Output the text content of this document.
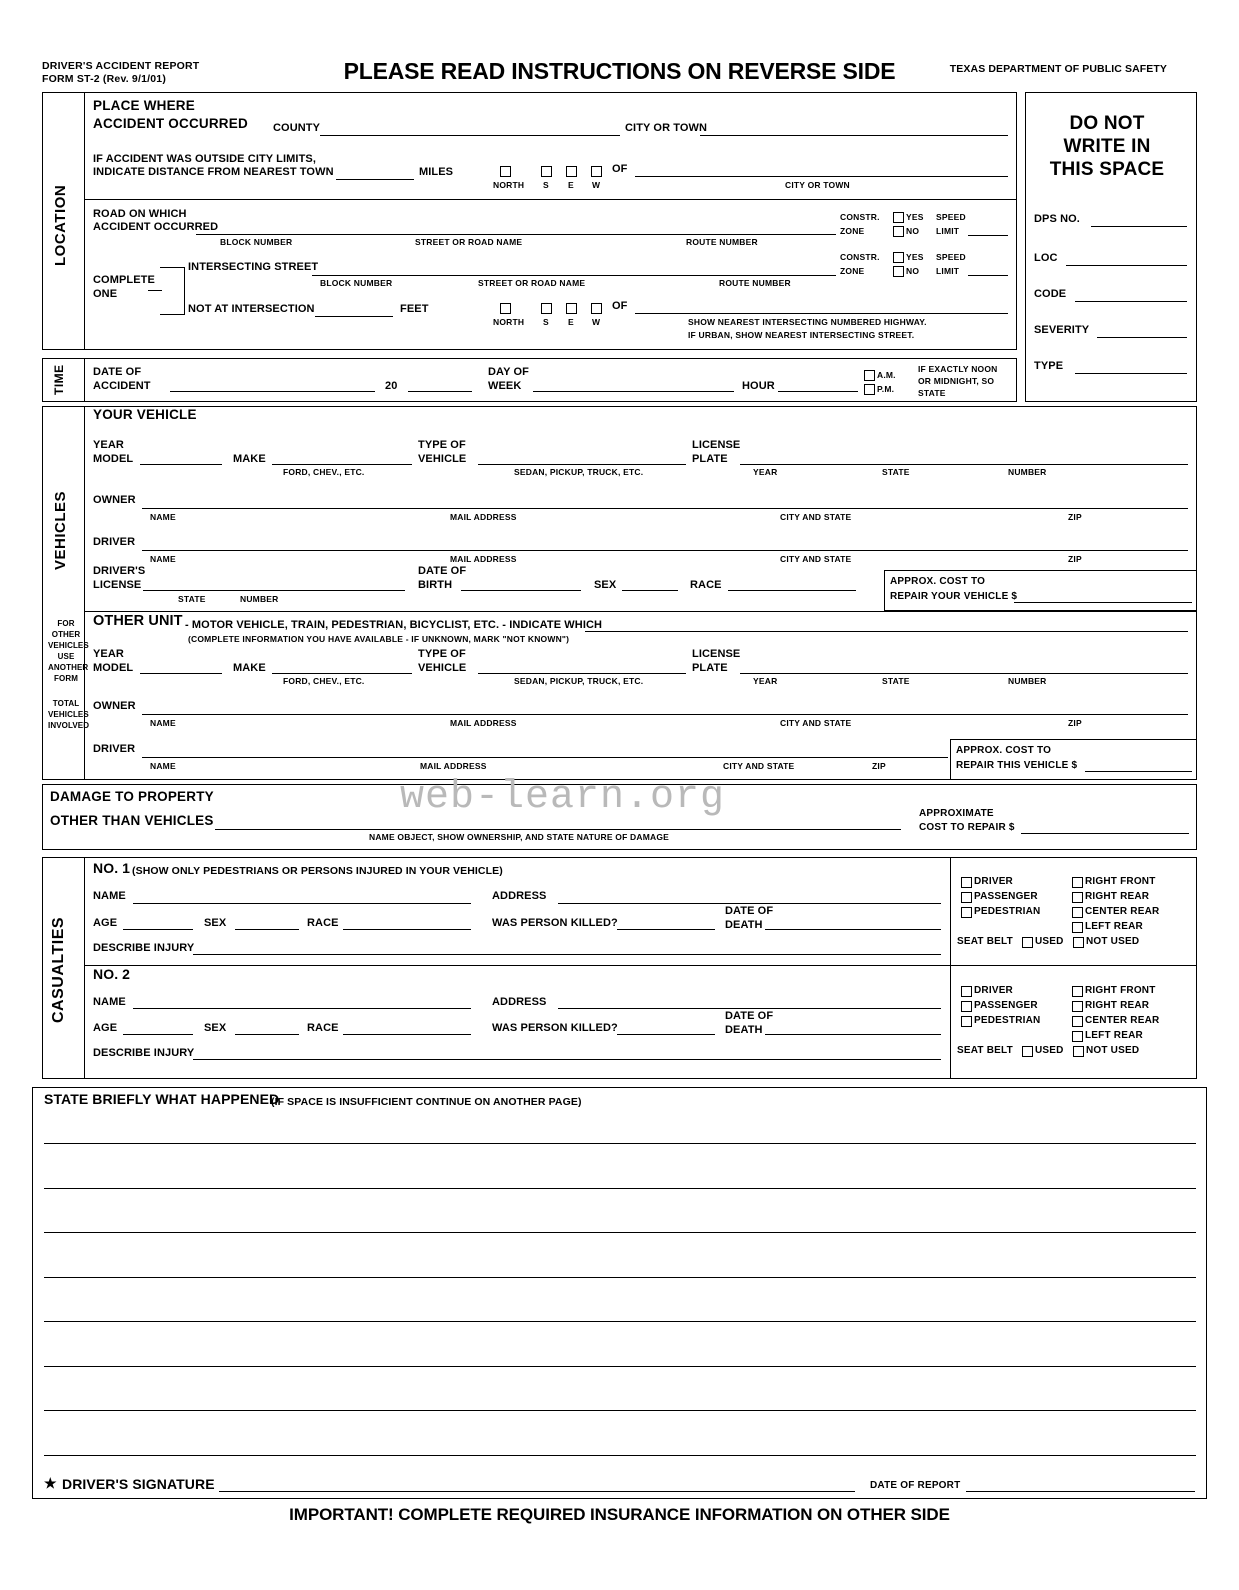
DRIVER'S ACCIDENT REPORT
FORM ST-2 (Rev. 9/1/01)	PLEASE READ INSTRUCTIONS ON REVERSE SIDE	TEXAS DEPARTMENT OF PUBLIC SAFETY
LOCATION
PLACE WHERE
ACCIDENT OCCURRED COUNTY	CITY OR TOWN
IF ACCIDENT WAS OUTSIDE CITY LIMITS,
INDICATE DISTANCE FROM NEAREST TOWN	MILES
NORTH S E W
OF
CITY OR TOWN
ROAD ON WHICH
ACCIDENT OCCURRED
BLOCK NUMBER	STREET OR ROAD NAME	ROUTE NUMBER
CONSTR.
ZONE
YES
NO
SPEED
LIMIT
COMPLETE
ONE
INTERSECTING STREET
BLOCK NUMBER	STREET OR ROAD NAME	ROUTE NUMBER
CONSTR.
ZONE
YES
NO
SPEED
LIMIT
NOT AT INTERSECTION	FEET
NORTH S E W
OF
SHOW NEAREST INTERSECTING NUMBERED HIGHWAY.
IF URBAN, SHOW NEAREST INTERSECTING STREET.
TIME	DATE OF
ACCIDENT	20
DAY OF
WEEK	HOUR
A.M.
P.M.
IF EXACTLY NOON
OR MIDNIGHT, SO
STATE
DO NOT
WRITE IN
THIS SPACE
DPS NO.
LOC
CODE
SEVERITY
TYPE
VEHICLES
YOUR VEHICLE
YEAR
MODEL	MAKE
FORD, CHEV., ETC.
TYPE OF
VEHICLE
SEDAN, PICKUP, TRUCK, ETC.
LICENSE
PLATE
YEAR	STATE	NUMBER
OWNER
NAME	MAIL ADDRESS	CITY AND STATE	ZIP
DRIVER
NAME	MAIL ADDRESS	CITY AND STATE	ZIP
DRIVER'S
LICENSE
STATE	NUMBER
DATE OF
BIRTH	SEX	RACE	APPROX. COST TO
REPAIR YOUR VEHICLE $
FOR
OTHER
VEHICLES
USE
ANOTHER
FORM
TOTAL
VEHICLES
INVOLVED
OTHER UNIT - MOTOR VEHICLE, TRAIN, PEDESTRIAN, BICYCLIST, ETC. - INDICATE WHICH
(COMPLETE INFORMATION YOU HAVE AVAILABLE - IF UNKNOWN, MARK "NOT KNOWN")
YEAR
MODEL	MAKE
FORD, CHEV., ETC.
TYPE OF
VEHICLE
SEDAN, PICKUP, TRUCK, ETC.
LICENSE
PLATE
YEAR	STATE	NUMBER
OWNER
NAME	MAIL ADDRESS	CITY AND STATE	ZIP
DRIVER
NAME	MAIL ADDRESS	CITY AND STATE	ZIP
APPROX. COST TO
REPAIR THIS VEHICLE $
DAMAGE TO PROPERTY
OTHER THAN VEHICLES
NAME OBJECT, SHOW OWNERSHIP, AND STATE NATURE OF DAMAGE
APPROXIMATE
COST TO REPAIR $
CASUALTIES
NO. 1 (SHOW ONLY PEDESTRIANS OR PERSONS INJURED IN YOUR VEHICLE)
NAME	ADDRESS
AGE	SEX	RACE	WAS PERSON KILLED?
DATE OF
DEATH
DESCRIBE INJURY
DRIVER
PASSENGER
PEDESTRIAN
RIGHT FRONT
RIGHT REAR
CENTER REAR
LEFT REAR
SEAT BELT USED NOT USED
NO. 2
NAME	ADDRESS
AGE	SEX	RACE	WAS PERSON KILLED?
DATE OF
DEATH
DESCRIBE INJURY
DRIVER
PASSENGER
PEDESTRIAN
RIGHT FRONT
RIGHT REAR
CENTER REAR
LEFT REAR
SEAT BELT USED NOT USED
STATE BRIEFLY WHAT HAPPENED
(IF SPACE IS INSUFFICIENT CONTINUE ON ANOTHER PAGE)
★ DRIVER'S SIGNATURE	DATE OF REPORT
IMPORTANT! COMPLETE REQUIRED INSURANCE INFORMATION ON OTHER SIDE
web-learn.org
